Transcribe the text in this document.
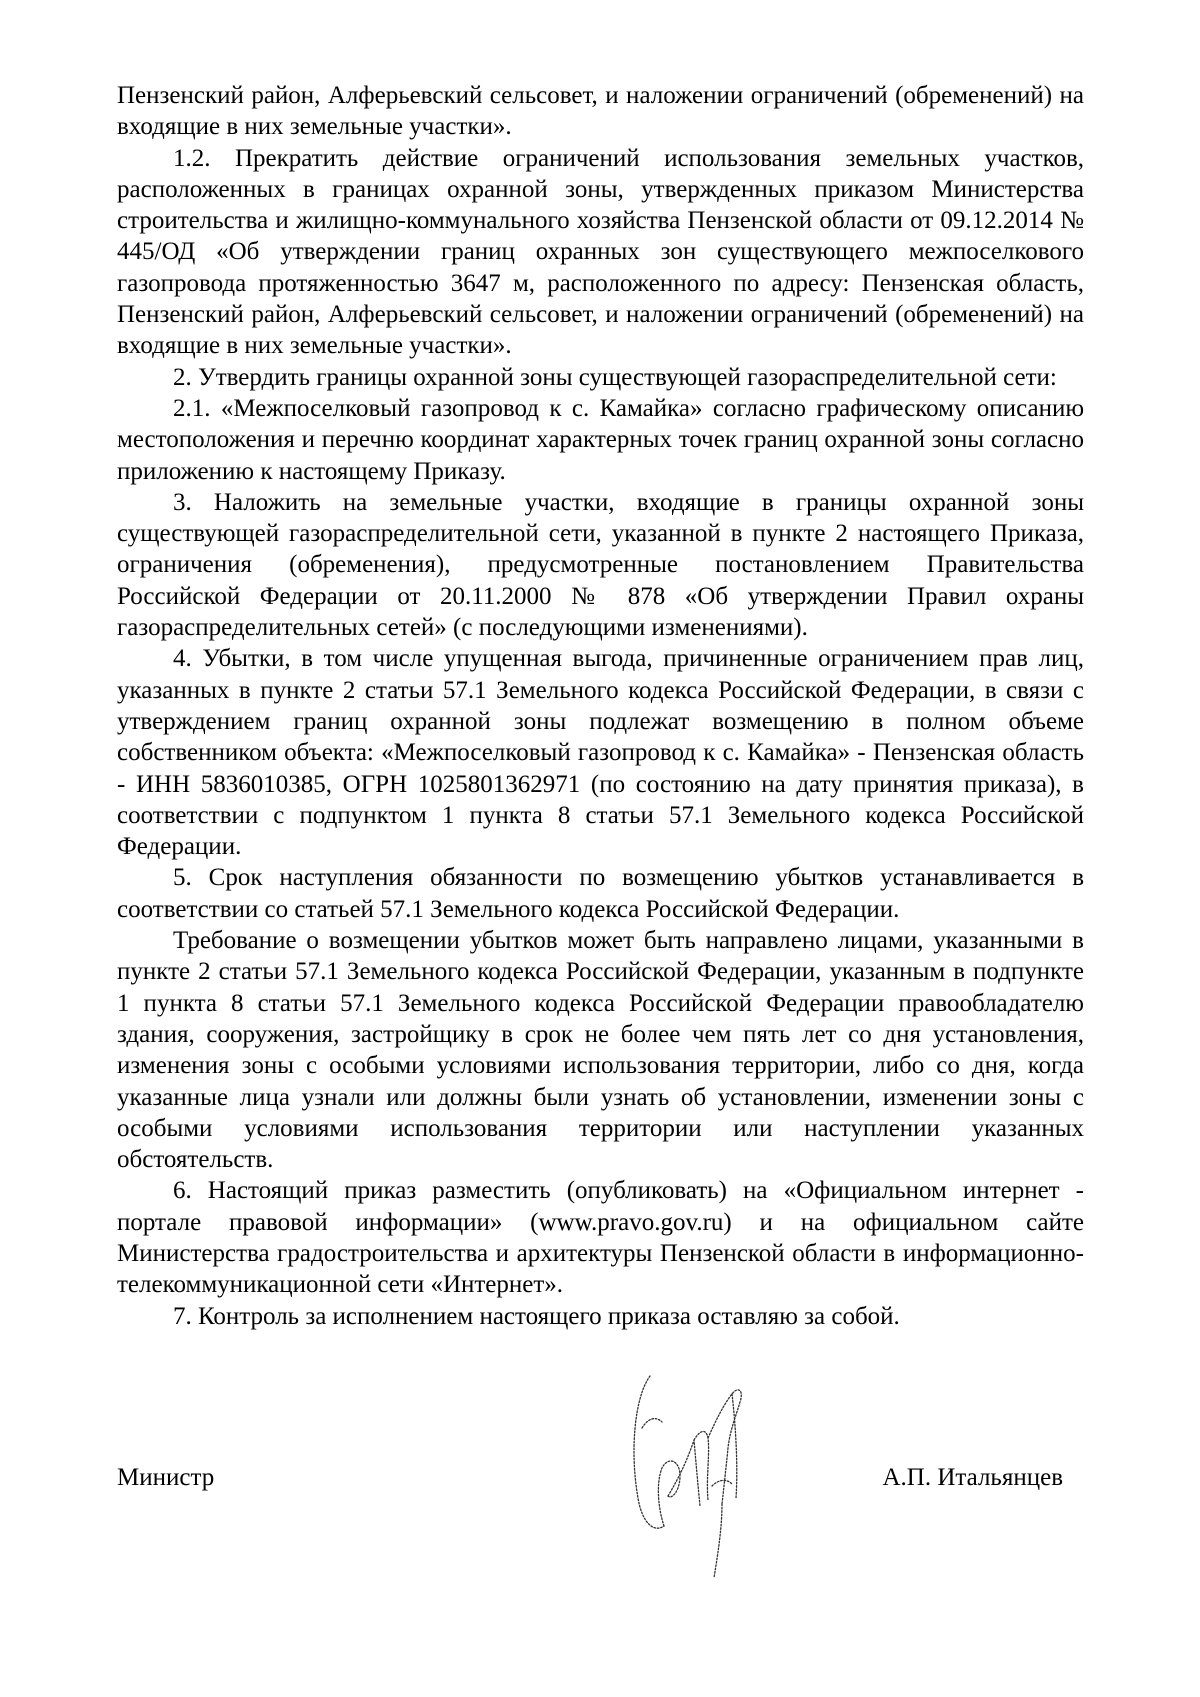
Пензенский район, Алферьевский сельсовет, и наложении ограничений (обременений) на входящие в них земельные участки».

1.2. Прекратить действие ограничений использования земельных участков, расположенных в границах охранной зоны, утвержденных приказом Министерства строительства и жилищно-коммунального хозяйства Пензенской области от 09.12.2014 № 445/ОД «Об утверждении границ охранных зон существующего межпоселкового газопровода протяженностью 3647 м, расположенного по адресу: Пензенская область, Пензенский район, Алферьевский сельсовет, и наложении ограничений (обременений) на входящие в них земельные участки».

2. Утвердить границы охранной зоны существующей газораспределительной сети:

2.1. «Межпоселковый газопровод к с. Камайка» согласно графическому описанию местоположения и перечню координат характерных точек границ охранной зоны согласно приложению к настоящему Приказу.

3. Наложить на земельные участки, входящие в границы охранной зоны существующей газораспределительной сети, указанной в пункте 2 настоящего Приказа, ограничения (обременения), предусмотренные постановлением Правительства Российской Федерации от 20.11.2000 № 878 «Об утверждении Правил охраны газораспределительных сетей» (с последующими изменениями).

4. Убытки, в том числе упущенная выгода, причиненные ограничением прав лиц, указанных в пункте 2 статьи 57.1 Земельного кодекса Российской Федерации, в связи с утверждением границ охранной зоны подлежат возмещению в полном объеме собственником объекта: «Межпоселковый газопровод к с. Камайка» - Пензенская область - ИНН 5836010385, ОГРН 1025801362971 (по состоянию на дату принятия приказа), в соответствии с подпунктом 1 пункта 8 статьи 57.1 Земельного кодекса Российской Федерации.

5. Срок наступления обязанности по возмещению убытков устанавливается в соответствии со статьей 57.1 Земельного кодекса Российской Федерации.

Требование о возмещении убытков может быть направлено лицами, указанными в пункте 2 статьи 57.1 Земельного кодекса Российской Федерации, указанным в подпункте 1 пункта 8 статьи 57.1 Земельного кодекса Российской Федерации правообладателю здания, сооружения, застройщику в срок не более чем пять лет со дня установления, изменения зоны с особыми условиями использования территории, либо со дня, когда указанные лица узнали или должны были узнать об установлении, изменении зоны с особыми условиями использования территории или наступлении указанных обстоятельств.

6. Настоящий приказ разместить (опубликовать) на «Официальном интернет - портале правовой информации» (www.pravo.gov.ru) и на официальном сайте Министерства градостроительства и архитектуры Пензенской области в информационно-телекоммуникационной сети «Интернет».

7. Контроль за исполнением настоящего приказа оставляю за собой.

Министр	А.П. Итальянцев
